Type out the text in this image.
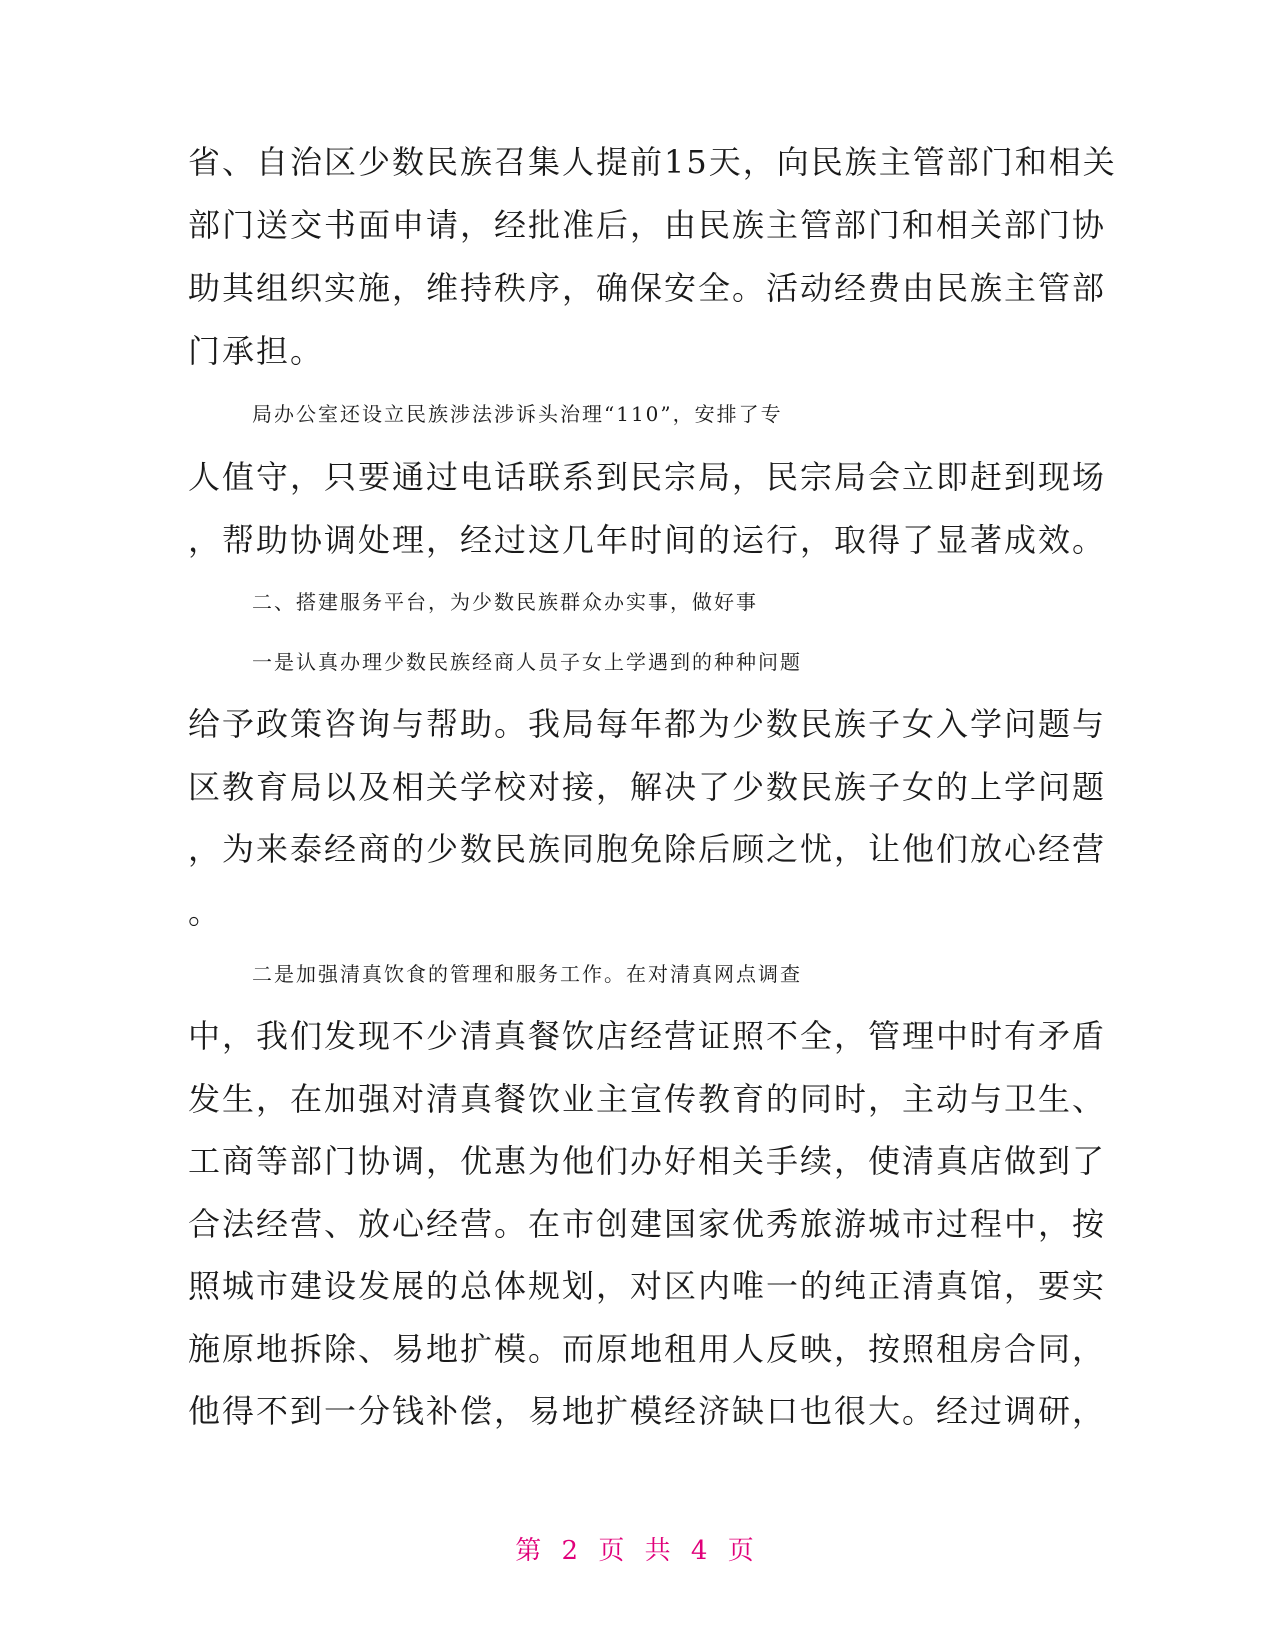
省、自治区少数民族召集人提前15天，向民族主管部门和相关
部门送交书面申请，经批准后，由民族主管部门和相关部门协
助其组织实施，维持秩序，确保安全。活动经费由民族主管部
门承担。
局办公室还设立民族涉法涉诉头治理“110”，安排了专
人值守，只要通过电话联系到民宗局，民宗局会立即赶到现场
，帮助协调处理，经过这几年时间的运行，取得了显著成效。
二、搭建服务平台，为少数民族群众办实事，做好事
一是认真办理少数民族经商人员子女上学遇到的种种问题
给予政策咨询与帮助。我局每年都为少数民族子女入学问题与
区教育局以及相关学校对接，解决了少数民族子女的上学问题
，为来泰经商的少数民族同胞免除后顾之忧，让他们放心经营
。
二是加强清真饮食的管理和服务工作。在对清真网点调查
中，我们发现不少清真餐饮店经营证照不全，管理中时有矛盾
发生，在加强对清真餐饮业主宣传教育的同时，主动与卫生、
工商等部门协调，优惠为他们办好相关手续，使清真店做到了
合法经营、放心经营。在市创建国家优秀旅游城市过程中，按
照城市建设发展的总体规划，对区内唯一的纯正清真馆，要实
施原地拆除、易地扩模。而原地租用人反映，按照租房合同，
他得不到一分钱补偿，易地扩模经济缺口也很大。经过调研，
第 2 页 共 4 页
